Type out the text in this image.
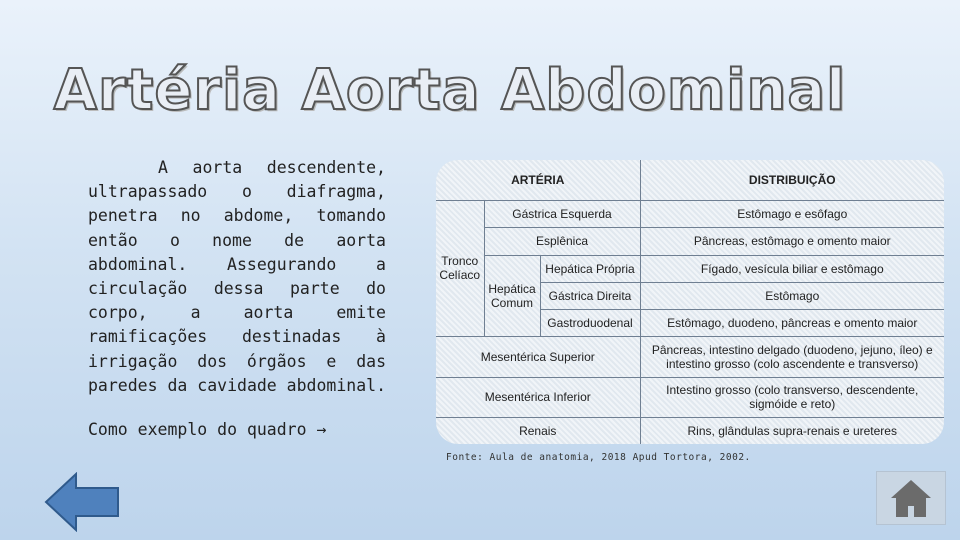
Artéria Aorta Abdominal
A aorta descendente, ultrapassado o diafragma, penetra no abdome, tomando então o nome de aorta abdominal. Assegurando a circulação dessa parte do corpo, a aorta emite ramificações destinadas à irrigação dos órgãos e das paredes da cavidade abdominal.
Como exemplo do quadro →
ARTÉRIA			DISTRIBUIÇÃO
Tronco Celíaco	Gástrica Esquerda		Estômago e esôfago
	Esplênica		Pâncreas, estômago e omento maior
	Hepática Comum	Hepática Própria	Fígado, vesícula biliar e estômago
		Gástrica Direita	Estômago
		Gastroduodenal	Estômago, duodeno, pâncreas e omento maior
Mesentérica Superior			Pâncreas, intestino delgado (duodeno, jejuno, íleo) e intestino grosso (colo ascendente e transverso)
Mesentérica Inferior			Intestino grosso (colo transverso, descendente, sigmóide e reto)
Renais			Rins, glândulas supra-renais e ureteres
Fonte: Aula de anatomia, 2018 Apud Tortora, 2002.
